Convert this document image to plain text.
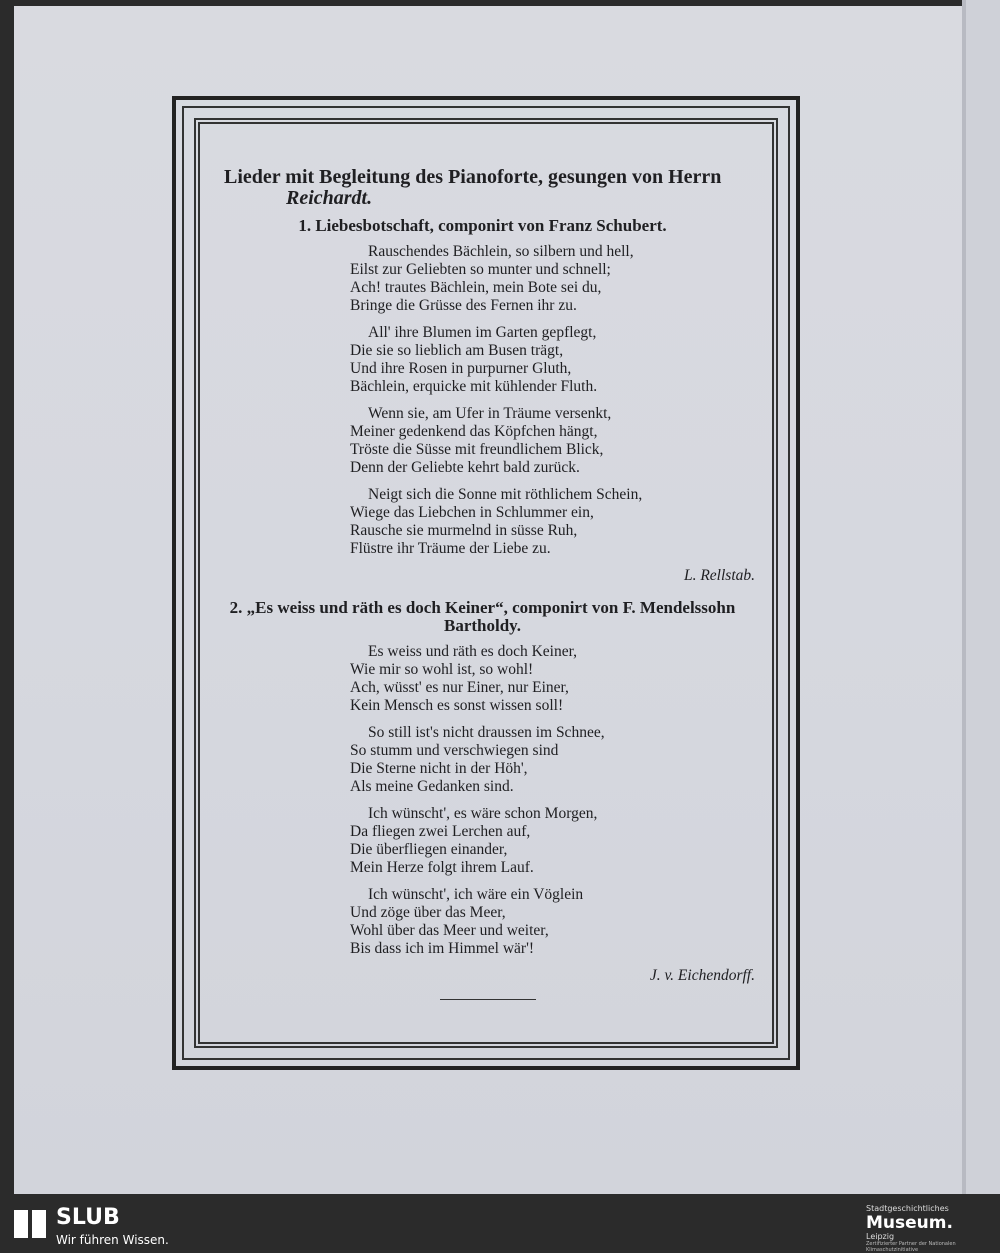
Lieder mit Begleitung des Pianoforte, gesungen von Herrn
Reichardt.
1. Liebesbotschaft, componirt von Franz Schubert.
Rauschendes Bächlein, so silbern und hell,
Eilst zur Geliebten so munter und schnell;
Ach! trautes Bächlein, mein Bote sei du,
Bringe die Grüsse des Fernen ihr zu.
All' ihre Blumen im Garten gepflegt,
Die sie so lieblich am Busen trägt,
Und ihre Rosen in purpurner Gluth,
Bächlein, erquicke mit kühlender Fluth.
Wenn sie, am Ufer in Träume versenkt,
Meiner gedenkend das Köpfchen hängt,
Tröste die Süsse mit freundlichem Blick,
Denn der Geliebte kehrt bald zurück.
Neigt sich die Sonne mit röthlichem Schein,
Wiege das Liebchen in Schlummer ein,
Rausche sie murmelnd in süsse Ruh,
Flüstre ihr Träume der Liebe zu.
L. Rellstab.
2. „Es weiss und räth es doch Keiner“, componirt von F. Mendelssohn Bartholdy.
Es weiss und räth es doch Keiner,
Wie mir so wohl ist, so wohl!
Ach, wüsst' es nur Einer, nur Einer,
Kein Mensch es sonst wissen soll!
So still ist's nicht draussen im Schnee,
So stumm und verschwiegen sind
Die Sterne nicht in der Höh',
Als meine Gedanken sind.
Ich wünscht', es wäre schon Morgen,
Da fliegen zwei Lerchen auf,
Die überfliegen einander,
Mein Herze folgt ihrem Lauf.
Ich wünscht', ich wäre ein Vöglein
Und zöge über das Meer,
Wohl über das Meer und weiter,
Bis dass ich im Himmel wär'!
J. v. Eichendorff.
SLUB
Wir führen Wissen.
Stadtgeschichtliches
Museum.
Leipzig
Zertifizierter Partner der Nationalen Klimaschutzinitiative
